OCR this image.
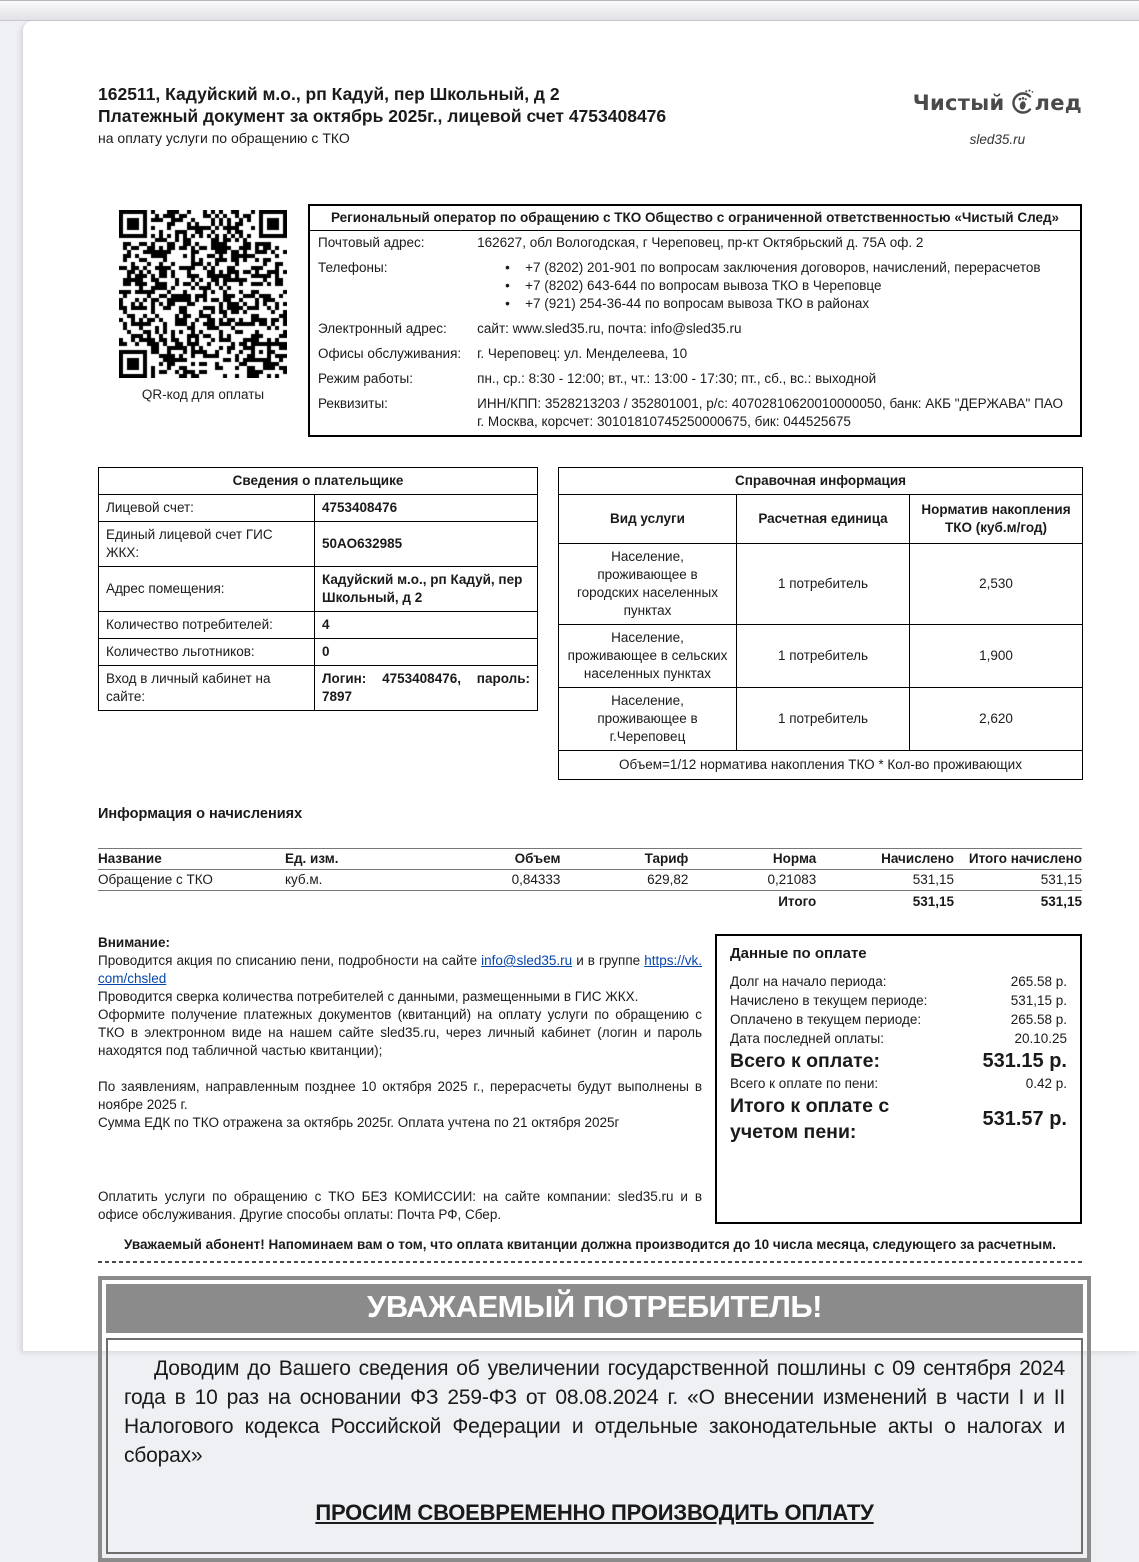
162511, Кадуйский м.о., рп Кадуй, пер Школьный, д 2
Платежный документ за октябрь 2025г., лицевой счет 4753408476
на оплату услуги по обращению с ТКО
Чистый лед
sled35.ru
QR-код для оплаты
Региональный оператор по обращению с ТКО Общество с ограниченной ответственностью «Чистый След»	
Почтовый адрес:	162627, обл Вологодская, г Череповец, пр-кт Октябрьский д. 75А оф. 2
Телефоны:	• +7 (8202) 201-901 по вопросам заключения договоров, начислений, перерасчетов
• +7 (8202) 643-644 по вопросам вывоза ТКО в Череповце
• +7 (921) 254-36-44 по вопросам вывоза ТКО в районах

Электронный адрес:	сайт: www.sled35.ru, почта: info@sled35.ru
Офисы обслуживания:	г. Череповец: ул. Менделеева, 10
Режим работы:	пн., ср.: 8:30 - 12:00; вт., чт.: 13:00 - 17:30; пт., сб., вс.: выходной
Реквизиты:	ИНН/КПП: 3528213203 / 352801001, р/с: 40702810620010000050, банк: АКБ "ДЕРЖАВА" ПАО г. Москва, корсчет: 30101810745250000675, бик: 044525675
Сведения о плательщике	
Лицевой счет:	4753408476
Единый лицевой счет ГИС ЖКХ:	50АО632985
Адрес помещения:	Кадуйский м.о., рп Кадуй, пер Школьный, д 2
Количество потребителей:	4
Количество льготников:	0
Вход в личный кабинет на сайте:	Логин: 4753408476, пароль: 7897
Справочная информация		
Вид услуги	Расчетная единица	Норматив накопления ТКО (куб.м/год)
Население, проживающее в городских населенных пунктах	1 потребитель	2,530
Население, проживающее в сельских населенных пунктах	1 потребитель	1,900
Население, проживающее в г.Череповец	1 потребитель	2,620
Объем=1/12 норматива накопления ТКО * Кол-во проживающих		
Информация о начислениях
Название	Ед. изм.	Объем	Тариф	Норма	Начислено	Итого начислено
Обращение с ТКО	куб.м.	0,84333	629,82	0,21083	531,15	531,15
				Итого	531,15	531,15

Внимание:

Проводится акция по списанию пени, подробности на сайте info@sled35.ru и в группе https://vk.com/chsled

Проводится сверка количества потребителей с данными, размещенными в ГИС ЖКХ.

Оформите получение платежных документов (квитанций) на оплату услуги по обращению с ТКО в электронном виде на нашем сайте sled35.ru, через личный кабинет (логин и пароль находятся под табличной частью квитанции);

По заявлениям, направленным позднее 10 октября 2025 г., перерасчеты будут выполнены в ноябре 2025 г.

Сумма ЕДК по ТКО отражена за октябрь 2025г. Оплата учтена по 21 октября 2025г

Оплатить услуги по обращению с ТКО БЕЗ КОМИССИИ: на сайте компании: sled35.ru и в офисе обслуживания. Другие способы оплаты: Почта РФ, Сбер.

Данные по оплате
Долг на начало периода:	265.58 р.
Начислено в текущем периоде:	531,15 р.
Оплачено в текущем периоде:	265.58 р.
Дата последней оплаты:	20.10.25
Всего к оплате:	531.15 р.
Всего к оплате по пени:	0.42 р.
Итого к оплате с учетом пени:
531.57 р.
Уважаемый абонент! Напоминаем вам о том, что оплата квитанции должна производится до 10 числа месяца, следующего за расчетным.
УВАЖАЕМЫЙ ПОТРЕБИТЕЛЬ!

Доводим до Вашего сведения об увеличении государственной пошлины с 09 сентября 2024 года в 10 раз на основании ФЗ 259-ФЗ от 08.08.2024 г. «О внесении изменений в части I и II Налогового кодекса Российской Федерации и отдельные законодательные акты о налогах и сборах»

ПРОСИМ СВОЕВРЕМЕННО ПРОИЗВОДИТЬ ОПЛАТУ
